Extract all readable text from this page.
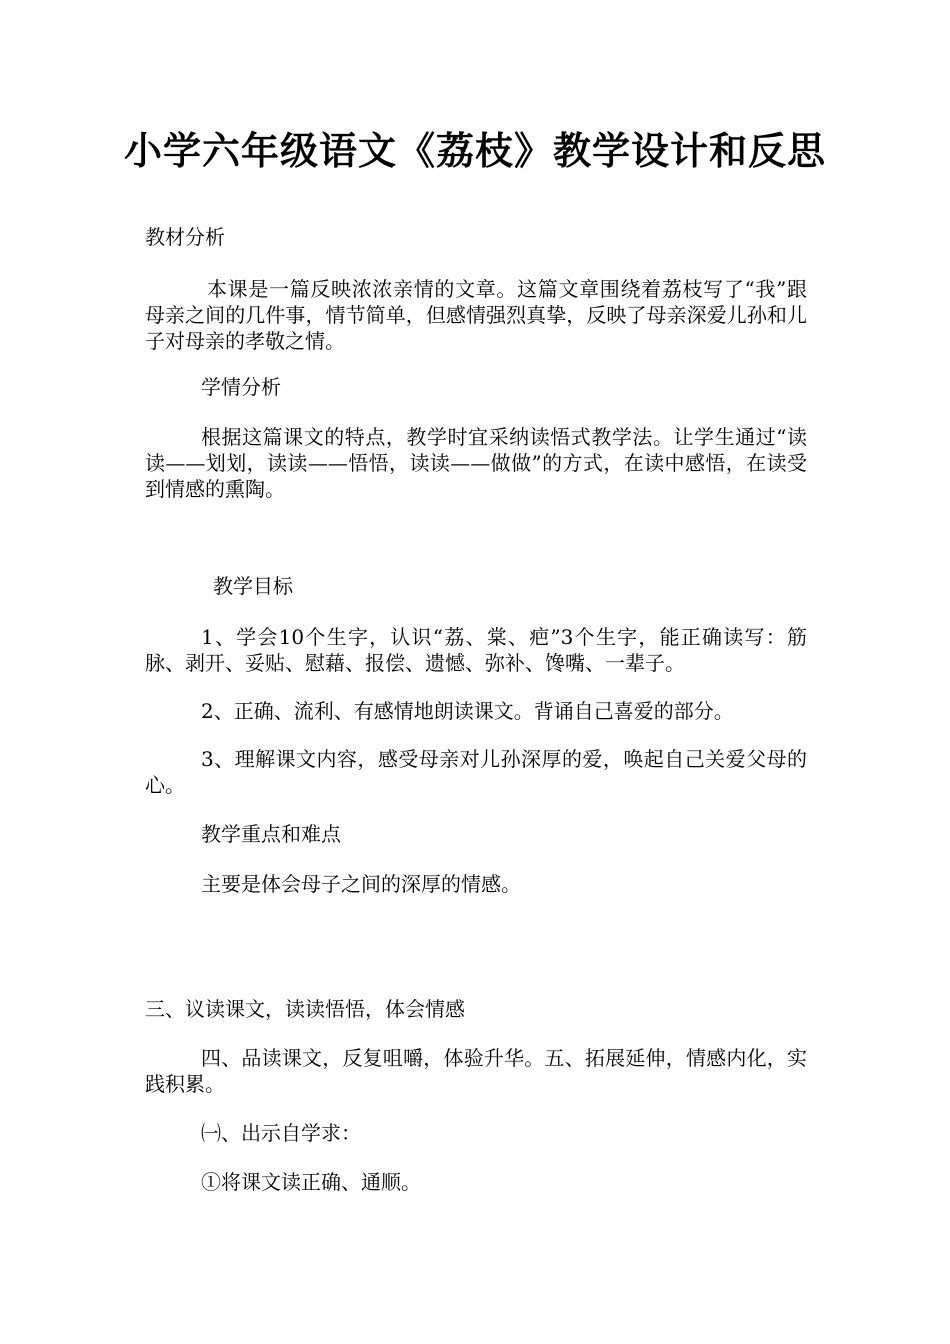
小学六年级语文《荔枝》教学设计和反思
教材分析
本课是一篇反映浓浓亲情的文章。这篇文章围绕着荔枝写了“我”跟母亲之间的几件事，情节简单，但感情强烈真挚，反映了母亲深爱儿孙和儿子对母亲的孝敬之情。
学情分析
根据这篇课文的特点，教学时宜采纳读悟式教学法。让学生通过“读读——划划，读读——悟悟，读读——做做”的方式，在读中感悟，在读受到情感的熏陶。
教学目标
1、学会10个生字，认识“荔、棠、疤”3个生字，能正确读写：筋脉、剥开、妥贴、慰藉、报偿、遗憾、弥补、馋嘴、一辈子。
2、正确、流利、有感情地朗读课文。背诵自己喜爱的部分。
3、理解课文内容，感受母亲对儿孙深厚的爱，唤起自己关爱父母的心。
教学重点和难点
主要是体会母子之间的深厚的情感。
三、议读课文，读读悟悟，体会情感
四、品读课文，反复咀嚼，体验升华。五、拓展延伸，情感内化，实践积累。
㈠、出示自学求：
①将课文读正确、通顺。
